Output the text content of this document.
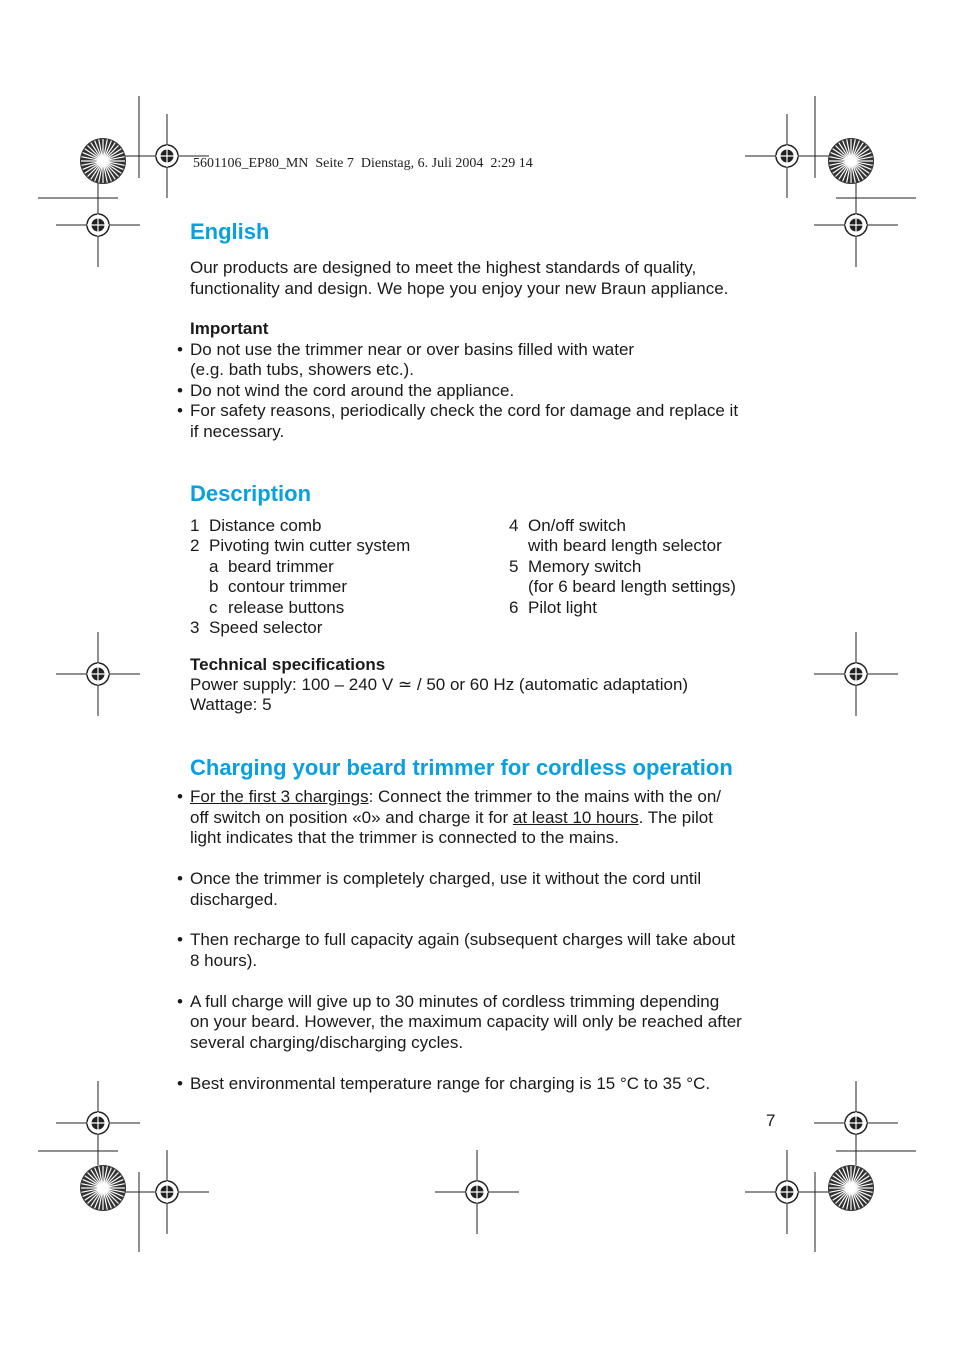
5601106_EP80_MN  Seite 7  Dienstag, 6. Juli 2004  2:29 14
English

Our products are designed to meet the highest standards of quality,

functionality and design. We hope you enjoy your new Braun appliance.

Important

• Do not use the trimmer near or over basins filled with water

(e.g. bath tubs, showers etc.).

• Do not wind the cord around the appliance.
• For safety reasons, periodically check the cord for damage and replace it

if necessary.

Description
1 Distance comb
2 Pivoting twin cutter system
a beard trimmer
b contour trimmer
c release buttons
3 Speed selector
4 On/off switch
with beard length selector
5 Memory switch
(for 6 beard length settings)
6 Pilot light

Technical specifications

Power supply: 100 – 240 V ≃ / 50 or 60 Hz (automatic adaptation)

Wattage: 5

Charging your beard trimmer for cordless operation
• For the first 3 chargings: Connect the trimmer to the mains with the on/

off switch on position «0» and charge it for at least 10 hours. The pilot

light indicates that the trimmer is connected to the mains.

• Once the trimmer is completely charged, use it without the cord until

discharged.

• Then recharge to full capacity again (subsequent charges will take about

8 hours).

• A full charge will give up to 30 minutes of cordless trimming depending

on your beard. However, the maximum capacity will only be reached after

several charging/discharging cycles.

• Best environmental temperature range for charging is 15 °C to 35 °C.
7
